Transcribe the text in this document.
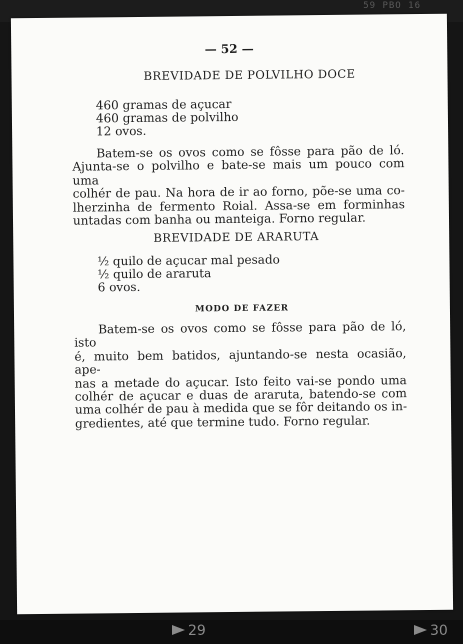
59 PBO 16
— 52 —
BREVIDADE DE POLVILHO DOCE
460 gramas de açucar
460 gramas de polvilho
12 ovos.

Batem-se os ovos como se fôsse para pão de ló.
Ajunta-se o polvilho e bate-se mais um pouco com uma
colhér de pau. Na hora de ir ao forno, põe-se uma co-
lherzinha de fermento Roial. Assa-se em forminhas
untadas com banha ou manteiga. Forno regular.

BREVIDADE DE ARARUTA
½ quilo de açucar mal pesado
½ quilo de araruta
6 ovos.
MODO DE FAZER

Batem-se os ovos como se fôsse para pão de ló, isto
é, muito bem batidos, ajuntando-se nesta ocasião, ape-
nas a metade do açucar. Isto feito vai-se pondo uma
colhér de açucar e duas de araruta, batendo-se com
uma colhér de pau à medida que se fôr deitando os in-
gredientes, até que termine tudo. Forno regular.

29	30
